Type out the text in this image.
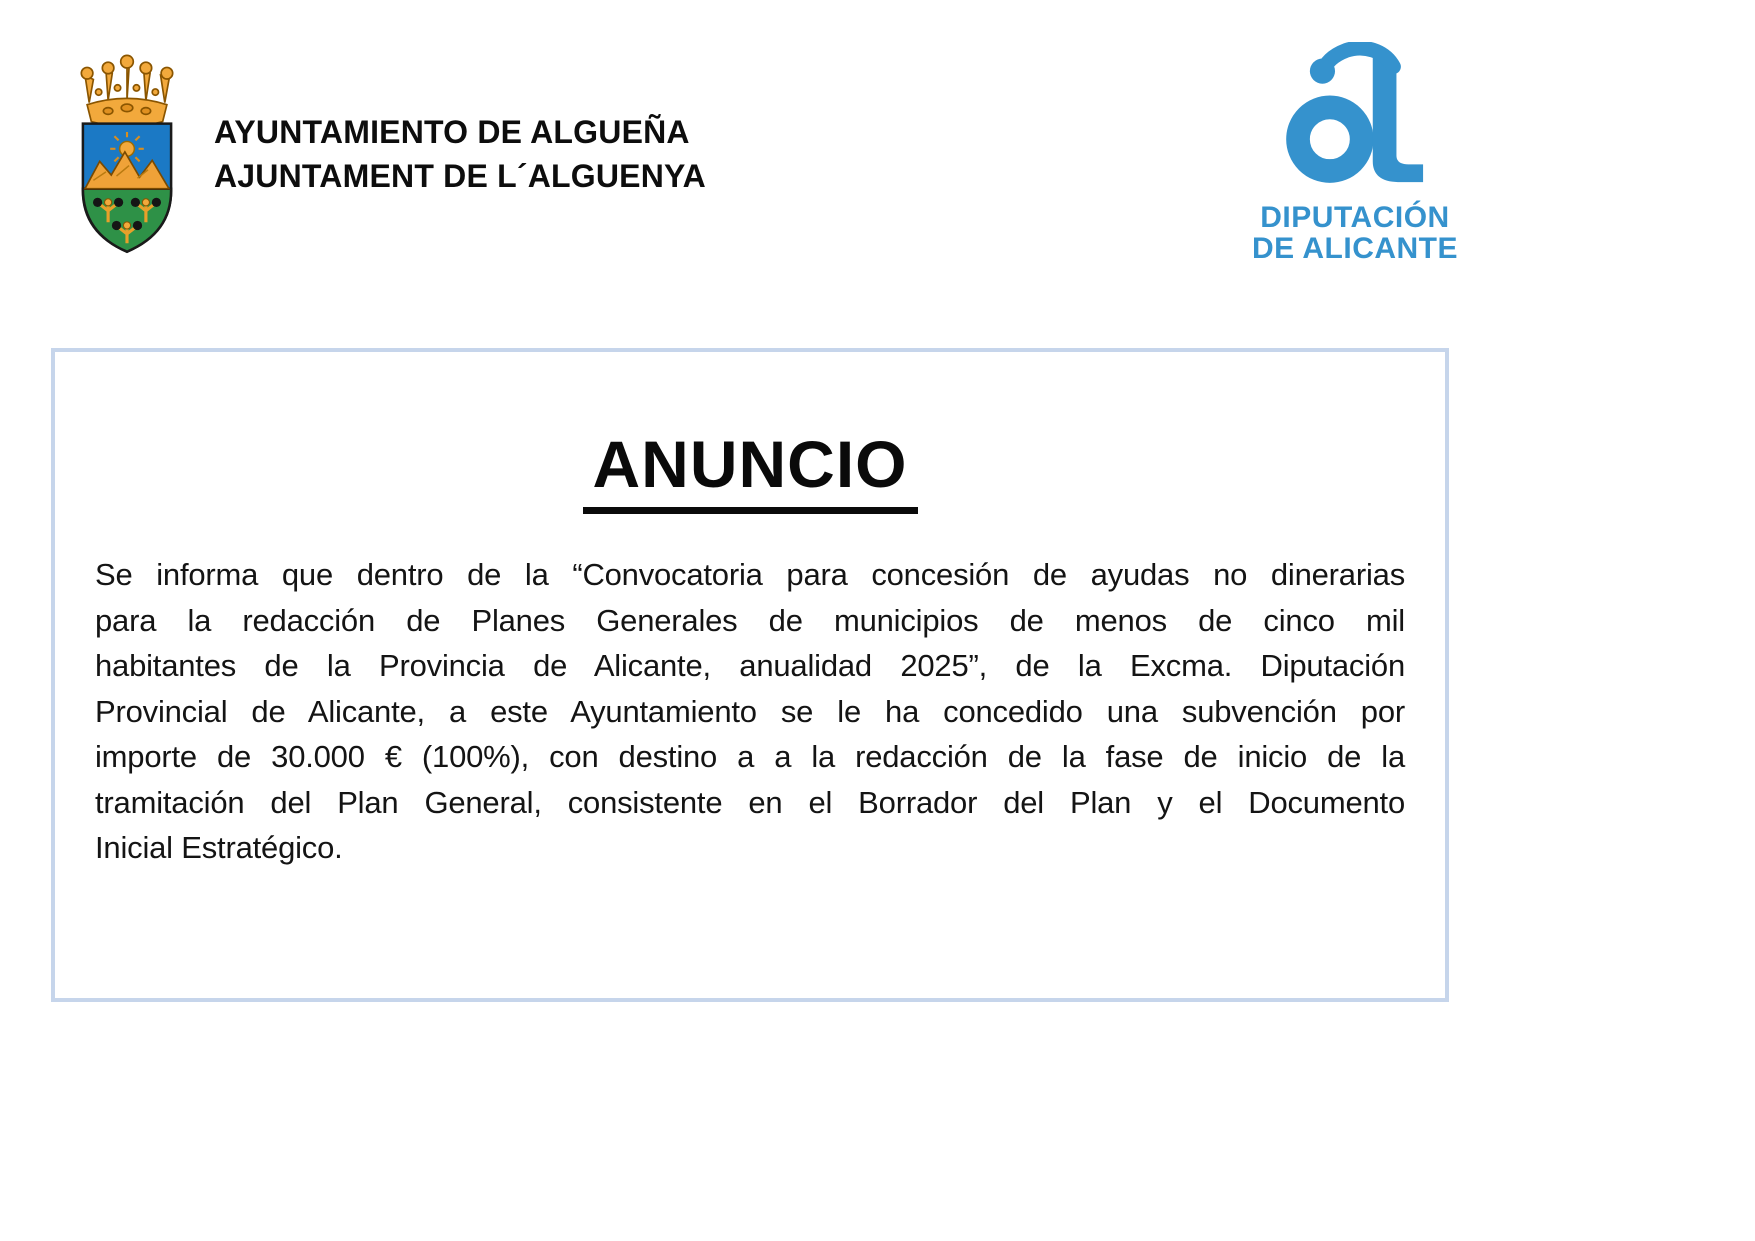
AYUNTAMIENTO DE ALGUEÑA
AJUNTAMENT DE L´ALGUENYA
DIPUTACIÓN
DE ALICANTE
ANUNCIO
Se informa que dentro de la “Convocatoria para concesión de ayudas no dinerarias
para la redacción de Planes Generales de municipios de menos de cinco mil
habitantes de la Provincia de Alicante, anualidad 2025”, de la Excma. Diputación
Provincial de Alicante, a este Ayuntamiento se le ha concedido una subvención por
importe de 30.000 € (100%), con destino a a la redacción de la fase de inicio de la
tramitación del Plan General, consistente en el Borrador del Plan y el Documento
Inicial Estratégico.
